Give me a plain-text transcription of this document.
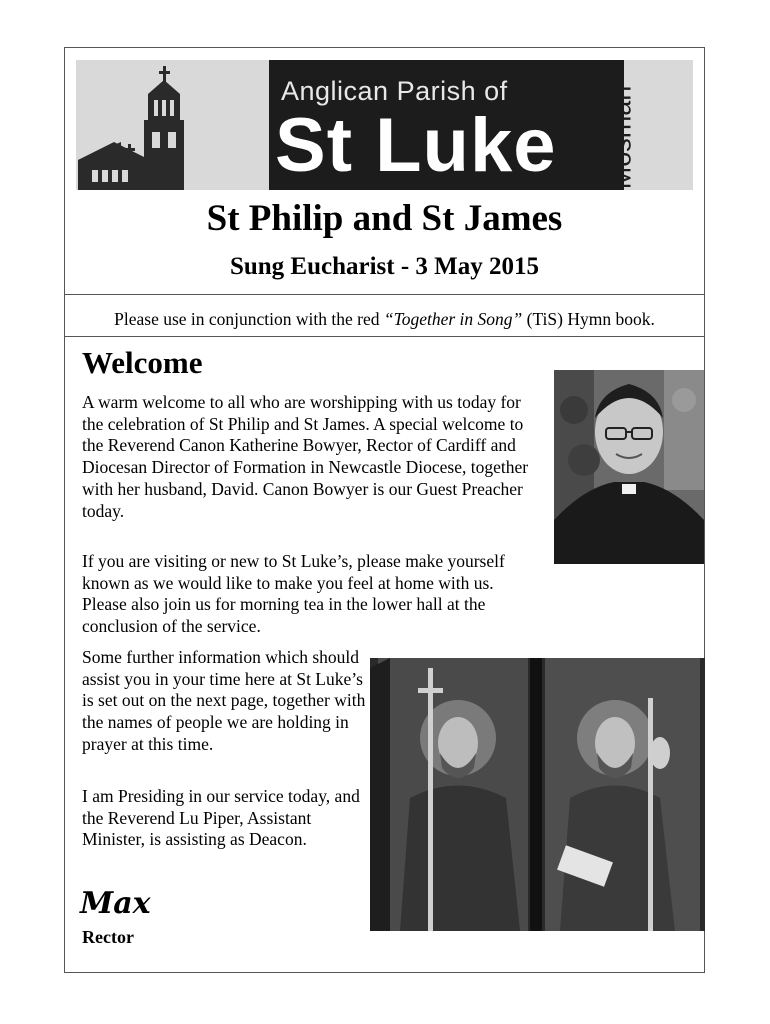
Anglican Parish of
St Luke Mosman
St Philip and St James
Sung Eucharist - 3 May 2015
Please use in conjunction with the red “Together in Song” (TiS) Hymn book.
Welcome
A warm welcome to all who are worshipping with us today for the celebration of St Philip and St James. A special welcome to the Reverend Canon Katherine Bowyer, Rector of Cardiff and Diocesan Director of Formation in Newcastle Diocese, together with her husband, David. Canon Bowyer is our Guest Preacher today.
If you are visiting or new to St Luke’s, please make yourself known as we would like to make you feel at home with us. Please also join us for morning tea in the lower hall at the conclusion of the service.
Some further information which should assist you in your time here at St Luke’s is set out on the next page, together with the names of people we are holding in prayer at this time.
I am Presiding in our service today, and the Reverend Lu Piper, Assistant Minister, is assisting as Deacon.
Max
Rector
